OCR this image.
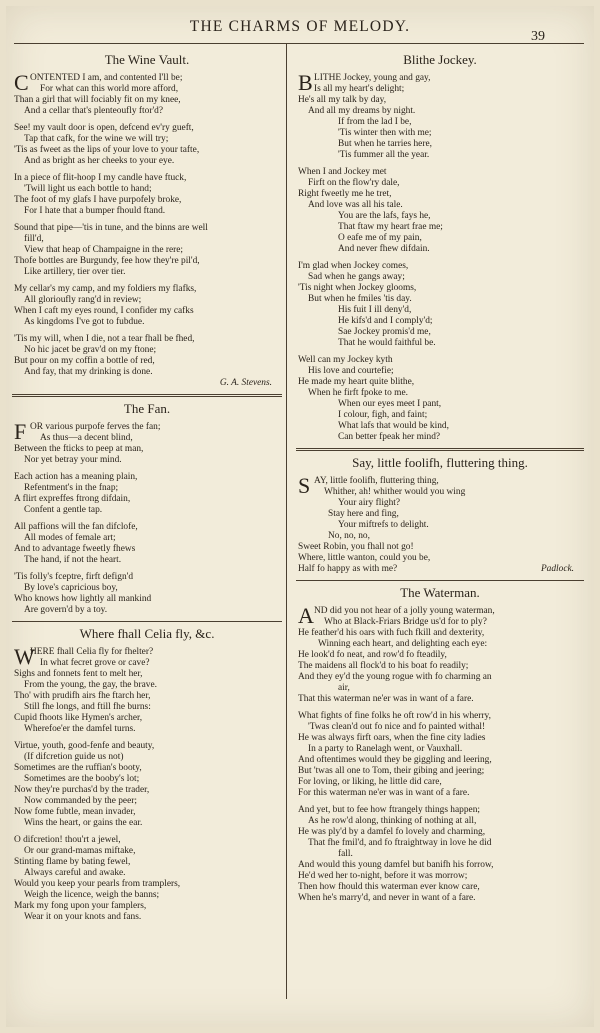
THE CHARMS OF MELODY.
39
The Wine Vault.
C ONTENTED I am, and contented I'll be;
For what can this world more afford,
Than a girl that will fociably fit on my knee,
And a cellar that's plenteoufly ftor'd?
See! my vault door is open, defcend ev'ry gueft,
Tap that cafk, for the wine we will try;
'Tis as fweet as the lips of your love to your tafte,
And as bright as her cheeks to your eye.
In a piece of flit-hoop I my candle have ftuck,
'Twill light us each bottle to hand;
The foot of my glafs I have purpofely broke,
For I hate that a bumper fhould ftand.
Sound that pipe—'tis in tune, and the binns are well
fill'd,
View that heap of Champaigne in the rere;
Thofe bottles are Burgundy, fee how they're pil'd,
Like artillery, tier over tier.
My cellar's my camp, and my foldiers my flafks,
All glorioufly rang'd in review;
When I caft my eyes round, I confider my cafks
As kingdoms I've got to fubdue.
'Tis my will, when I die, not a tear fhall be fhed,
No hic jacet be grav'd on my ftone;
But pour on my coffin a bottle of red,
And fay, that my drinking is done.
G. A. Stevens.
The Fan.
F OR various purpofe ferves the fan;
As thus—a decent blind,
Between the fticks to peep at man,
Nor yet betray your mind.
Each action has a meaning plain,
Refentment's in the fnap;
A flirt expreffes ftrong difdain,
Confent a gentle tap.
All paffions will the fan difclofe,
All modes of female art;
And to advantage fweetly fhews
The hand, if not the heart.
'Tis folly's fceptre, firft defign'd
By love's capricious boy,
Who knows how lightly all mankind
Are govern'd by a toy.
Where fhall Celia fly, &c.
W
HERE fhall Celia fly for fhelter?
In what fecret grove or cave?
Sighs and fonnets fent to melt her,
From the young, the gay, the brave.
Tho' with prudifh airs fhe ftarch her,
Still fhe longs, and ftill fhe burns:
Cupid fhoots like Hymen's archer,
Wherefoe'er the damfel turns.
Virtue, youth, good-fenfe and beauty,
(If difcretion guide us not)
Sometimes are the ruffian's booty,
Sometimes are the booby's lot;
Now they're purchas'd by the trader,
Now commanded by the peer;
Now fome fubtle, mean invader,
Wins the heart, or gains the ear.
O difcretion! thou'rt a jewel,
Or our grand-mamas miftake,
Stinting flame by bating fewel,
Always careful and awake.
Would you keep your pearls from tramplers,
Weigh the licence, weigh the banns;
Mark my fong upon your famplers,
Wear it on your knots and fans.
Blithe Jockey.
B LITHE Jockey, young and gay,
Is all my heart's delight;
He's all my talk by day,
And all my dreams by night.
If from the lad I be,
'Tis winter then with me;
But when he tarries here,
'Tis fummer all the year.
When I and Jockey met
Firft on the flow'ry dale,
Right fweetly me he tret,
And love was all his tale.
You are the lafs, fays he,
That ftaw my heart frae me;
O eafe me of my pain,
And never fhew difdain.
I'm glad when Jockey comes,
Sad when he gangs away;
'Tis night when Jockey glooms,
But when he fmiles 'tis day.
His fuit I ill deny'd,
He kifs'd and I comply'd;
Sae Jockey promis'd me,
That he would faithful be.
Well can my Jockey kyth
His love and courtefie;
He made my heart quite blithe,
When he firft fpoke to me.
When our eyes meet I pant,
I colour, figh, and faint;
What lafs that would be kind,
Can better fpeak her mind?
Say, little foolifh, fluttering thing.
S AY, little foolifh, fluttering thing,
Whither, ah! whither would you wing
Your airy flight?
Stay here and fing,
Your miftrefs to delight.
No, no, no,
Sweet Robin, you fhall not go!
Where, little wanton, could you be,
Half fo happy as with me?	Padlock.
The Waterman.
A ND did you not hear of a jolly young waterman,
Who at Black-Friars Bridge us'd for to ply?
He feather'd his oars with fuch fkill and dexterity,
Winning each heart, and delighting each eye:
He look'd fo neat, and row'd fo fteadily,
The maidens all flock'd to his boat fo readily;
And they ey'd the young rogue with fo charming an
air,
That this waterman ne'er was in want of a fare.
What fights of fine folks he oft row'd in his wherry,
'Twas clean'd out fo nice and fo painted withal!
He was always firft oars, when the fine city ladies
In a party to Ranelagh went, or Vauxhall.
And oftentimes would they be giggling and leering,
But 'twas all one to Tom, their gibing and jeering;
For loving, or liking, he little did care,
For this waterman ne'er was in want of a fare.
And yet, but to fee how ftrangely things happen;
As he row'd along, thinking of nothing at all,
He was ply'd by a damfel fo lovely and charming,
That fhe fmil'd, and fo ftraightway in love he did
fall.
And would this young damfel but banifh his forrow,
He'd wed her to-night, before it was morrow;
Then how fhould this waterman ever know care,
When he's marry'd, and never in want of a fare.
